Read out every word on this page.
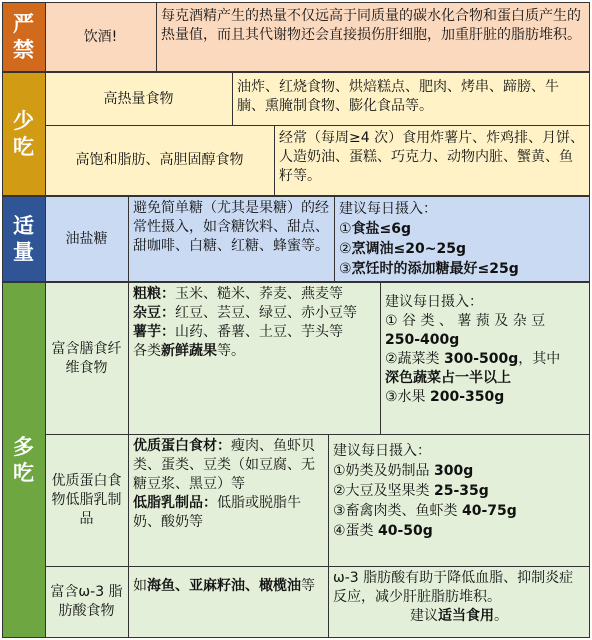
严禁
饮酒!
每克酒精产生的热量不仅远高于同质量的碳水化合物和蛋白质产生的热量值，而且其代谢物还会直接损伤肝细胞，加重肝脏的脂肪堆积。
少吃
高热量食物
油炸、红烧食物、烘焙糕点、肥肉、烤串、蹄膀、牛腩、熏腌制食物、膨化食品等。
高饱和脂肪、高胆固醇食物
经常（每周≥4 次）食用炸薯片、炸鸡排、月饼、人造奶油、蛋糕、巧克力、动物内脏、蟹黄、鱼籽等。
适量
油盐糖
避免简单糖（尤其是果糖）的经常性摄入，如含糖饮料、甜点、甜咖啡、白糖、红糖、蜂蜜等。
建议每日摄入：
①食盐≤6g
②烹调油≤20~25g
③烹饪时的添加糖最好≤25g
多吃
富含膳食纤维食物
粗粮：玉米、糙米、荞麦、燕麦等
杂豆：红豆、芸豆、绿豆、赤小豆等
薯芋：山药、番薯、土豆、芋头等
各类新鲜蔬果等。
建议每日摄入：
① 谷 类 、 薯 蓣 及 杂 豆
250-400g
②蔬菜类 300-500g，其中
深色蔬菜占一半以上
③水果 200-350g
优质蛋白食物低脂乳制品
优质蛋白食材：瘦肉、鱼虾贝类、蛋类、豆类（如豆腐、无糖豆浆、黑豆）等
低脂乳制品：低脂或脱脂牛奶、酸奶等
建议每日摄入：
①奶类及奶制品 300g
②大豆及坚果类 25-35g
③畜禽肉类、鱼虾类 40-75g
④蛋类 40-50g
富含ω-3 脂肪酸食物
如海鱼、亚麻籽油、橄榄油等	ω-3 脂肪酸有助于降低血脂、抑制炎症反应，减少肝脏脂肪堆积。
建议适当食用。
